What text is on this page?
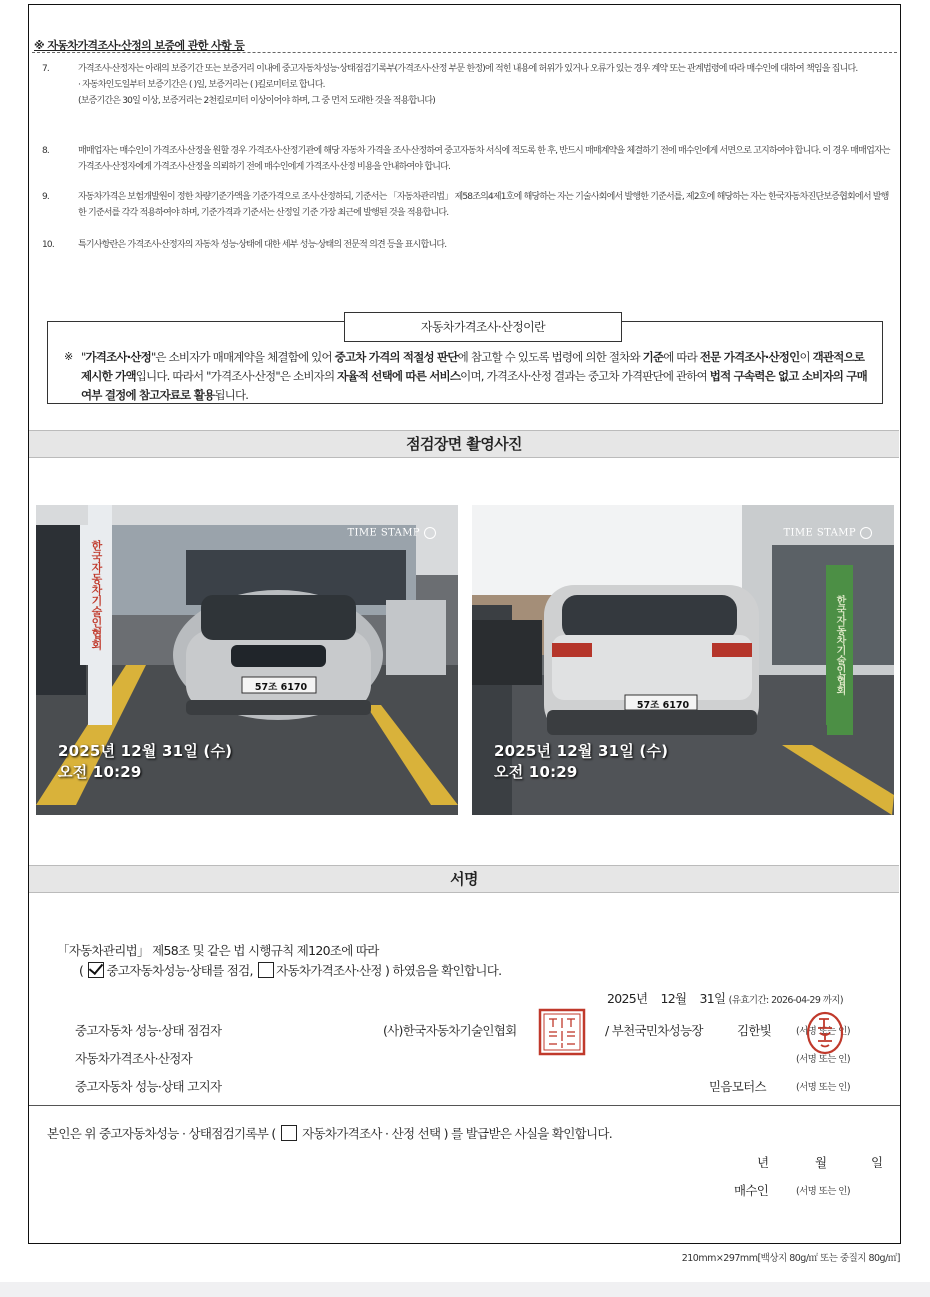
※ 자동차가격조사·산정의 보증에 관한 사항 등
7.	가격조사·산정자는 아래의 보증기간 또는 보증거리 이내에 중고자동차성능·상태점검기록부(가격조사·산정 부문 한정)에 적힌 내용에 허위가 있거나 오류가 있는 경우 계약 또는 관계법령에 따라 매수인에 대하여 책임을 집니다.
· 자동차인도일부터 보증기간은 ( )일, 보증거리는 ( )킬로미터로 합니다.
(보증기간은 30일 이상, 보증거리는 2천킬로미터 이상이어야 하며, 그 중 먼저 도래한 것을 적용합니다)
8.	매매업자는 매수인이 가격조사·산정을 원할 경우 가격조사·산정기관에 해당 자동차 가격을 조사·산정하여 중고자동차 서식에 적도록 한 후, 반드시 매매계약을 체결하기 전에 매수인에게 서면으로 고지하여야 합니다. 이 경우 매매업자는 가격조사·산정자에게 가격조사·산정을 의뢰하기 전에 매수인에게 가격조사·산정 비용을 안내하여야 합니다.
9.	자동차가격은 보험개발원이 정한 차량기준가액을 기준가격으로 조사·산정하되, 기준서는 「자동차관리법」 제58조의4제1호에 해당하는 자는 기술사회에서 발행한 기준서를, 제2호에 해당하는 자는 한국자동차진단보증협회에서 발행한 기준서를 각각 적용하여야 하며, 기준가격과 기준서는 산정일 기준 가장 최근에 발행된 것을 적용합니다.
10.	특기사항란은 가격조사·산정자의 자동차 성능·상태에 대한 세부 성능·상태의 전문적 의견 등을 표시합니다.
자동차가격조사·산정이란
※ "가격조사·산정"은 소비자가 매매계약을 체결함에 있어 중고차 가격의 적절성 판단에 참고할 수 있도록 법령에 의한 절차와 기준에 따라 전문 가격조사·산정인이 객관적으로 제시한 가액입니다. 따라서 "가격조사·산정"은 소비자의 자율적 선택에 따른 서비스이며, 가격조사·산정 결과는 중고차 가격판단에 관하여 법적 구속력은 없고 소비자의 구매여부 결정에 참고자료로 활용됩니다.
점검장면 촬영사진
TIME STAMP
57조 6170
한국자동차기술인협회
2025년 12월 31일 (수)
오전 10:29
TIME STAMP
57조 6170
한국자동차기술인협회
2025년 12월 31일 (수)
오전 10:29
서명
「자동차관리법」 제58조 및 같은 법 시행규칙 제120조에 따라
( 중고자동차성능·상태를 점검, 자동차가격조사·산정 ) 하였음을 확인합니다.
2025년 12월 31일 (유효기간: 2026-04-29 까지)
중고자동차 성능·상태 점검자	(사)한국자동차기술인협회	/ 부천국민차성능장	김한빛	(서명 또는 인)
자동차가격조사·산정자	(서명 또는 인)
중고자동차 성능·상태 고지자	믿음모터스	(서명 또는 인)
본인은 위 중고자동차성능 · 상태점검기록부 ( 자동차가격조사 · 산정 선택 ) 를 발급받은 사실을 확인합니다.
년	월	일
매수인	(서명 또는 인)
210mm×297mm[백상지 80g/㎡ 또는 중질지 80g/㎡]
